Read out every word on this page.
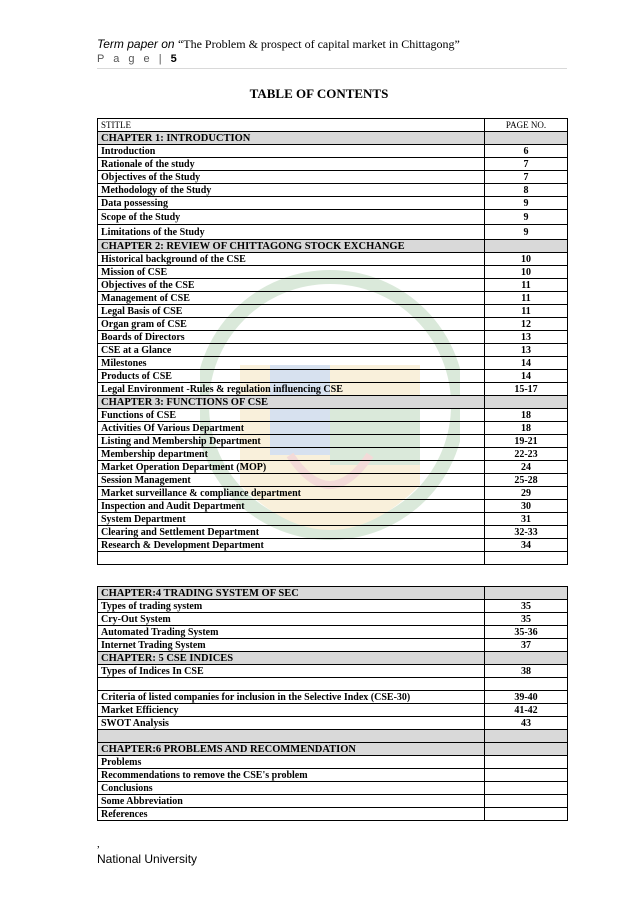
Term paper on “The Problem & prospect of capital market in Chittagong”
P a g e | 5
TABLE OF CONTENTS
STITLE	PAGE NO.
CHAPTER 1: INTRODUCTION	
Introduction	6
Rationale of the study	7
Objectives of the Study	7
Methodology of the Study	8
Data possessing	9
Scope of the Study	9
Limitations of the Study	9
CHAPTER 2: REVIEW OF CHITTAGONG STOCK EXCHANGE	
Historical background of the CSE	10
Mission of CSE	10
Objectives of the CSE	11
Management of CSE	11
Legal Basis of CSE	11
Organ gram of CSE	12
Boards of Directors	13
CSE at a Glance	13
Milestones	14
Products of CSE	14
Legal Environment -Rules & regulation influencing CSE	15-17
CHAPTER 3: FUNCTIONS OF CSE	
Functions of CSE	18
Activities Of Various Department	18
Listing and Membership Department	19-21
Membership department	22-23
Market Operation Department (MOP)	24
Session Management	25-28
Market surveillance & compliance department	29
Inspection and Audit Department	30
System Department	31
Clearing and Settlement Department	32-33
Research & Development Department	34

CHAPTER:4 TRADING SYSTEM OF SEC	
Types of trading system	35
Cry-Out System	35
Automated Trading System	35-36
Internet Trading System	37
CHAPTER: 5 CSE INDICES	
Types of Indices In CSE	38

Criteria of listed companies for inclusion in the Selective Index (CSE-30)	39-40
Market Efficiency	41-42
SWOT Analysis	43

CHAPTER:6 PROBLEMS AND RECOMMENDATION	
Problems	
Recommendations to remove the CSE's problem	
Conclusions	
Some Abbreviation	
References	
,
National University
